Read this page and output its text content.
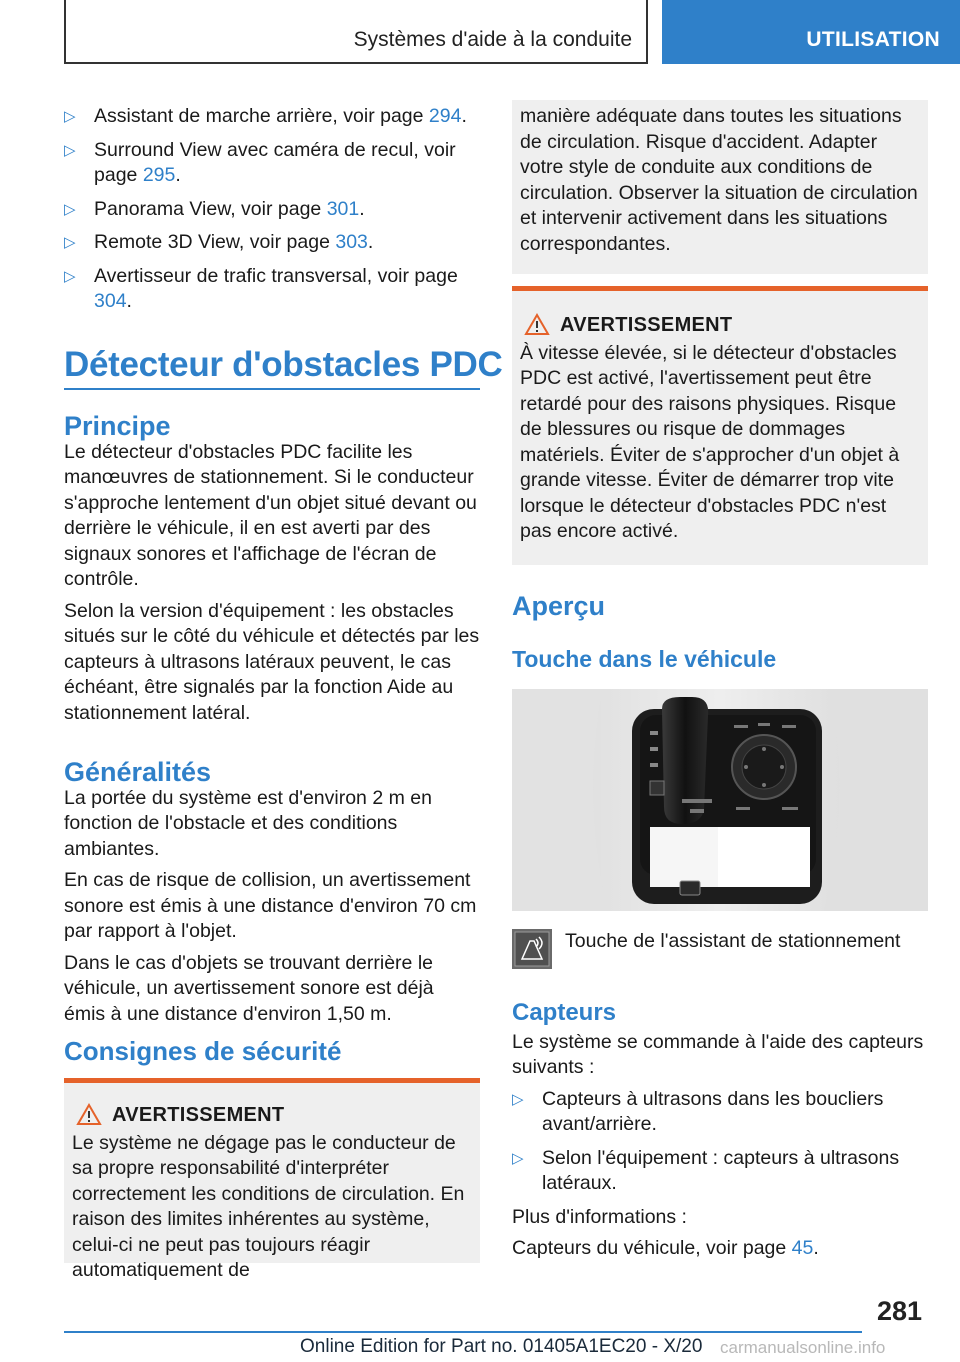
Systèmes d'aide à la conduite	UTILISATION
▷ Assistant de marche arrière, voir page 294.
▷ Surround View avec caméra de recul, voir page 295.
▷ Panorama View, voir page 301.
▷ Remote 3D View, voir page 303.
▷ Avertisseur de trafic transversal, voir page 304.
Détecteur d'obstacles PDC
Principe

Le détecteur d'obstacles PDC facilite les manœuvres de stationnement. Si le conducteur s'approche lentement d'un objet situé devant ou derrière le véhicule, il en est averti par des signaux sonores et l'affichage de l'écran de contrôle.

Selon la version d'équipement : les obstacles situés sur le côté du véhicule et détectés par les capteurs à ultrasons latéraux peuvent, le cas échéant, être signalés par la fonction Aide au stationnement latéral.

Généralités

La portée du système est d'environ 2 m en fonction de l'obstacle et des conditions ambiantes.

En cas de risque de collision, un avertissement sonore est émis à une distance d'environ 70 cm par rapport à l'objet.

Dans le cas d'objets se trouvant derrière le véhicule, un avertissement sonore est déjà émis à une distance d'environ 1,50 m.

Consignes de sécurité
AVERTISSEMENT
Le système ne dégage pas le conducteur de sa propre responsabilité d'interpréter correctement les conditions de circulation. En raison des limites inhérentes au système, celui-ci ne peut pas toujours réagir automatiquement de
manière adéquate dans toutes les situations de circulation. Risque d'accident. Adapter votre style de conduite aux conditions de circulation. Observer la situation de circulation et intervenir activement dans les situations correspondantes.
AVERTISSEMENT
À vitesse élevée, si le détecteur d'obstacles PDC est activé, l'avertissement peut être retardé pour des raisons physiques. Risque de blessures ou risque de dommages matériels. Éviter de s'approcher d'un objet à grande vitesse. Éviter de démarrer trop vite lorsque le détecteur d'obstacles PDC n'est pas encore activé.
Aperçu
Touche dans le véhicule
Touche de l'assistant de stationnement
Capteurs

Le système se commande à l'aide des capteurs suivants :

▷ Capteurs à ultrasons dans les boucliers avant/arrière.
▷ Selon l'équipement : capteurs à ultrasons latéraux.

Plus d'informations :

Capteurs du véhicule, voir page 45.

281
Online Edition for Part no. 01405A1EC20 - X/20 carmanualsonline.info
